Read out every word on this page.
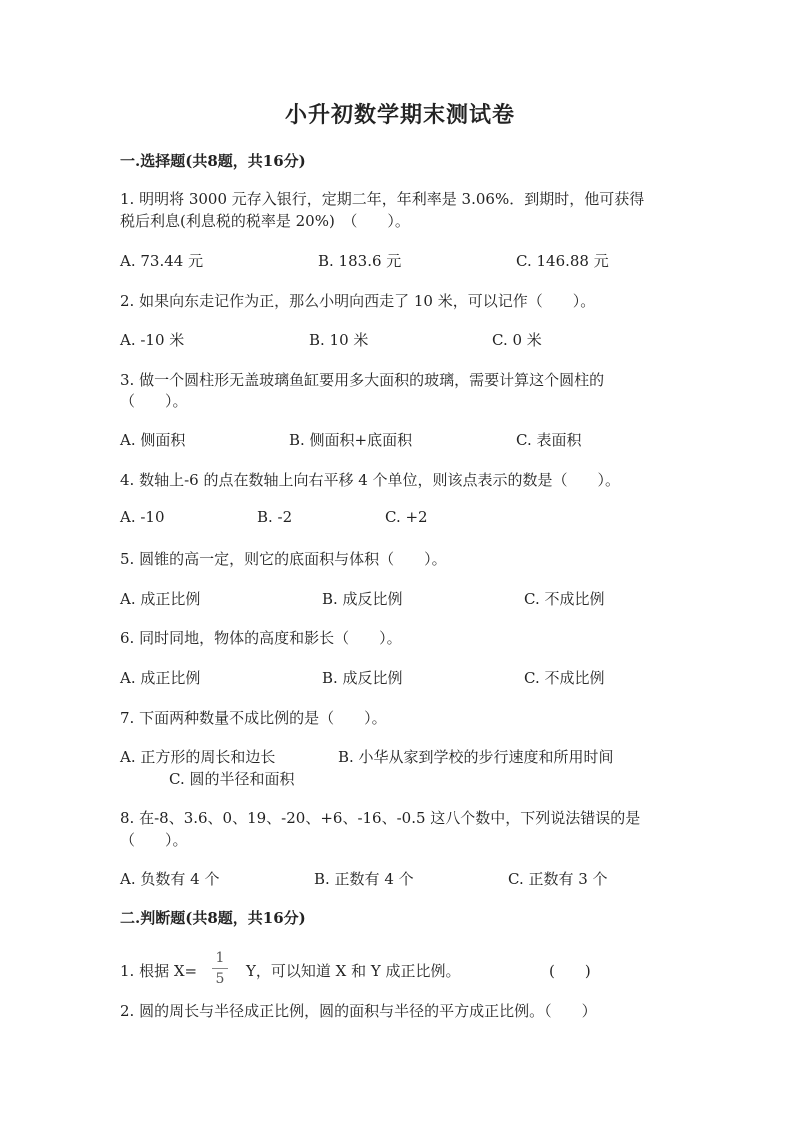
小升初数学期末测试卷
一.选择题(共8题，共16分)
1. 明明将 3000 元存入银行，定期二年，年利率是 3.06%．到期时，他可获得
税后利息(利息税的税率是 20%)　（　　）。
A. 73.44 元	B. 183.6 元	C. 146.88 元
2. 如果向东走记作为正，那么小明向西走了 10 米，可以记作（　　）。
A. -10 米	B. 10 米	C. 0 米
3. 做一个圆柱形无盖玻璃鱼缸要用多大面积的玻璃，需要计算这个圆柱的
（　　）。
A. 侧面积	B. 侧面积+底面积	C. 表面积
4. 数轴上-6 的点在数轴上向右平移 4 个单位，则该点表示的数是（　　）。
A. -10	B. -2	C. +2
5. 圆锥的高一定，则它的底面积与体积（　　）。
A. 成正比例	B. 成反比例	C. 不成比例
6. 同时同地，物体的高度和影长（　　）。
A. 成正比例	B. 成反比例	C. 不成比例
7. 下面两种数量不成比例的是（　　）。
A. 正方形的周长和边长	B. 小华从家到学校的步行速度和所用时间
C. 圆的半径和面积
8. 在-8、3.6、0、19、-20、+6、-16、-0.5 这八个数中，下列说法错误的是
（　　）。
A. 负数有 4 个	B. 正数有 4 个	C. 正数有 3 个
二.判断题(共8题，共16分)
1. 根据 X=
1
5 Y，可以知道 X 和 Y 成正比例。	(　　)
2. 圆的周长与半径成正比例，圆的面积与半径的平方成正比例。（　　）
